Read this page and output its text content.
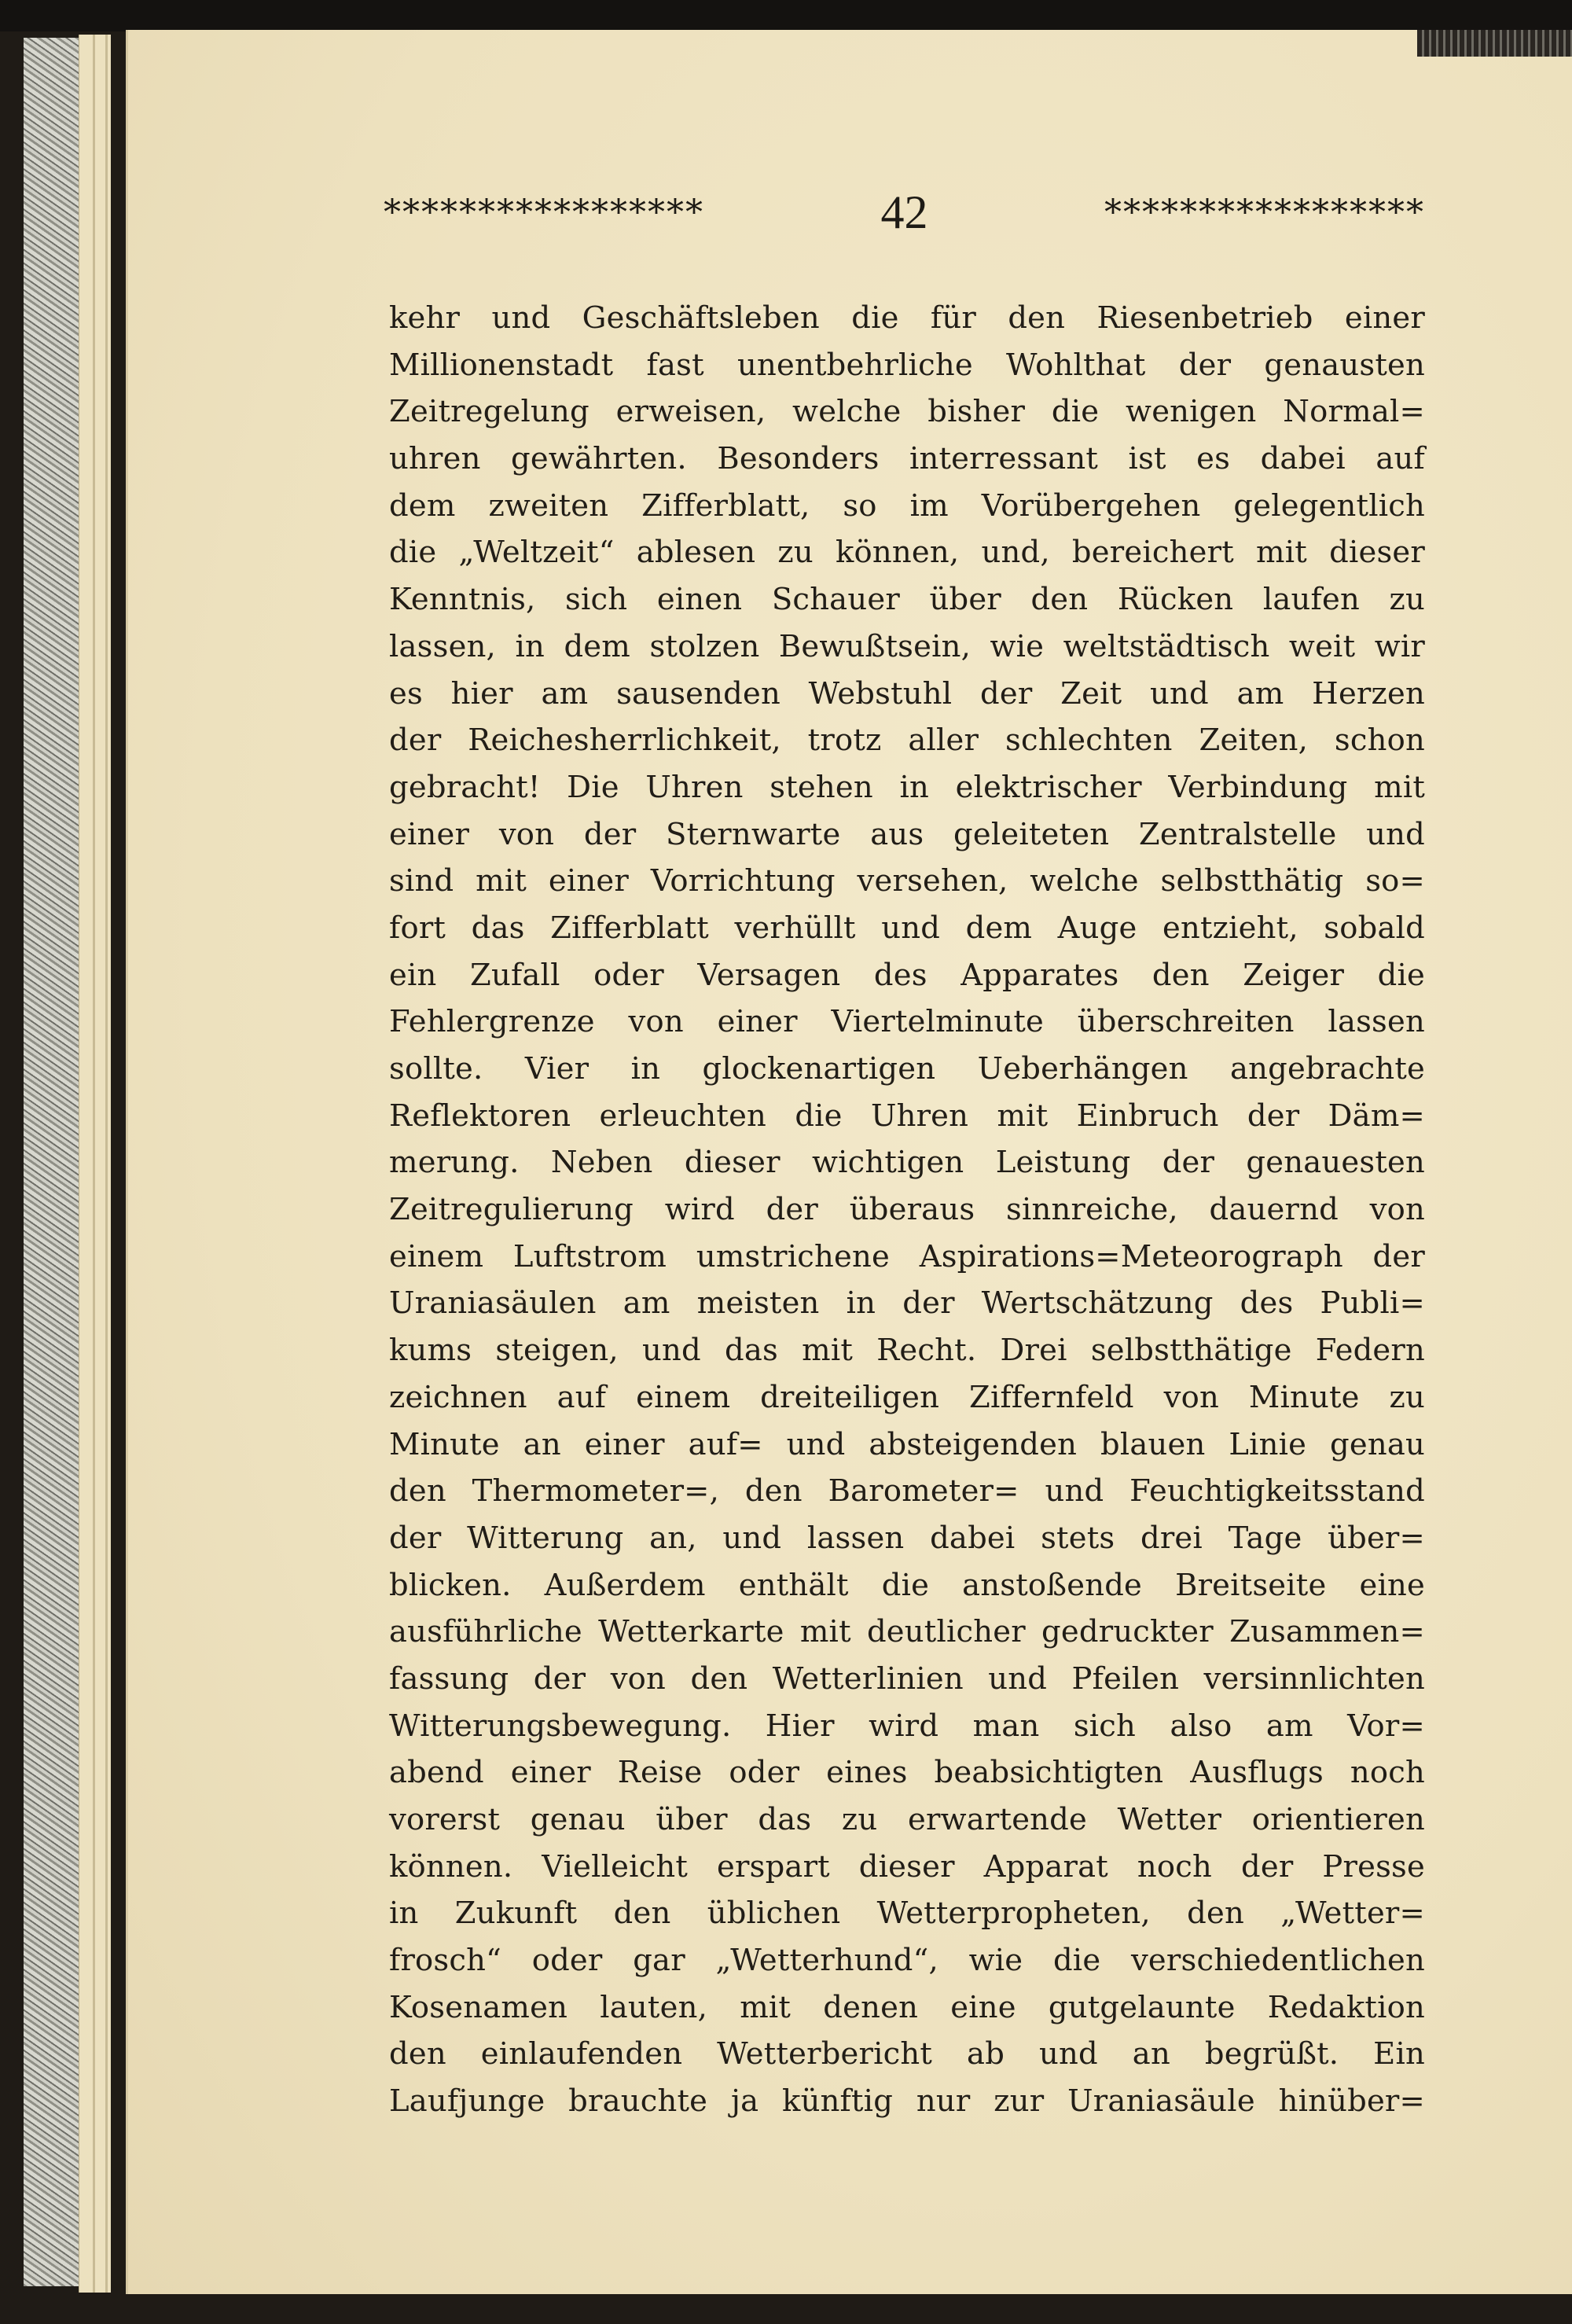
*****************	42	*****************
kehr und Geschäftsleben die für den Riesenbetrieb einer
Millionenstadt fast unentbehrliche Wohlthat der genausten
Zeitregelung erweisen, welche bisher die wenigen Normal=
uhren gewährten. Besonders interressant ist es dabei auf
dem zweiten Zifferblatt, so im Vorübergehen gelegentlich
die „Weltzeit“ ablesen zu können, und, bereichert mit dieser
Kenntnis, sich einen Schauer über den Rücken laufen zu
lassen, in dem stolzen Bewußtsein, wie weltstädtisch weit wir
es hier am sausenden Webstuhl der Zeit und am Herzen
der Reichesherrlichkeit, trotz aller schlechten Zeiten, schon
gebracht! Die Uhren stehen in elektrischer Verbindung mit
einer von der Sternwarte aus geleiteten Zentralstelle und
sind mit einer Vorrichtung versehen, welche selbstthätig so=
fort das Zifferblatt verhüllt und dem Auge entzieht, sobald
ein Zufall oder Versagen des Apparates den Zeiger die
Fehlergrenze von einer Viertelminute überschreiten lassen
sollte. Vier in glockenartigen Ueberhängen angebrachte
Reflektoren erleuchten die Uhren mit Einbruch der Däm=
merung. Neben dieser wichtigen Leistung der genauesten
Zeitregulierung wird der überaus sinnreiche, dauernd von
einem Luftstrom umstrichene Aspirations=Meteorograph der
Uraniasäulen am meisten in der Wertschätzung des Publi=
kums steigen, und das mit Recht. Drei selbstthätige Federn
zeichnen auf einem dreiteiligen Ziffernfeld von Minute zu
Minute an einer auf= und absteigenden blauen Linie genau
den Thermometer=, den Barometer= und Feuchtigkeitsstand
der Witterung an, und lassen dabei stets drei Tage über=
blicken. Außerdem enthält die anstoßende Breitseite eine
ausführliche Wetterkarte mit deutlicher gedruckter Zusammen=
fassung der von den Wetterlinien und Pfeilen versinnlichten
Witterungsbewegung. Hier wird man sich also am Vor=
abend einer Reise oder eines beabsichtigten Ausflugs noch
vorerst genau über das zu erwartende Wetter orientieren
können. Vielleicht erspart dieser Apparat noch der Presse
in Zukunft den üblichen Wetterpropheten, den „Wetter=
frosch“ oder gar „Wetterhund“, wie die verschiedentlichen
Kosenamen lauten, mit denen eine gutgelaunte Redaktion
den einlaufenden Wetterbericht ab und an begrüßt. Ein
Laufjunge brauchte ja künftig nur zur Uraniasäule hinüber=
